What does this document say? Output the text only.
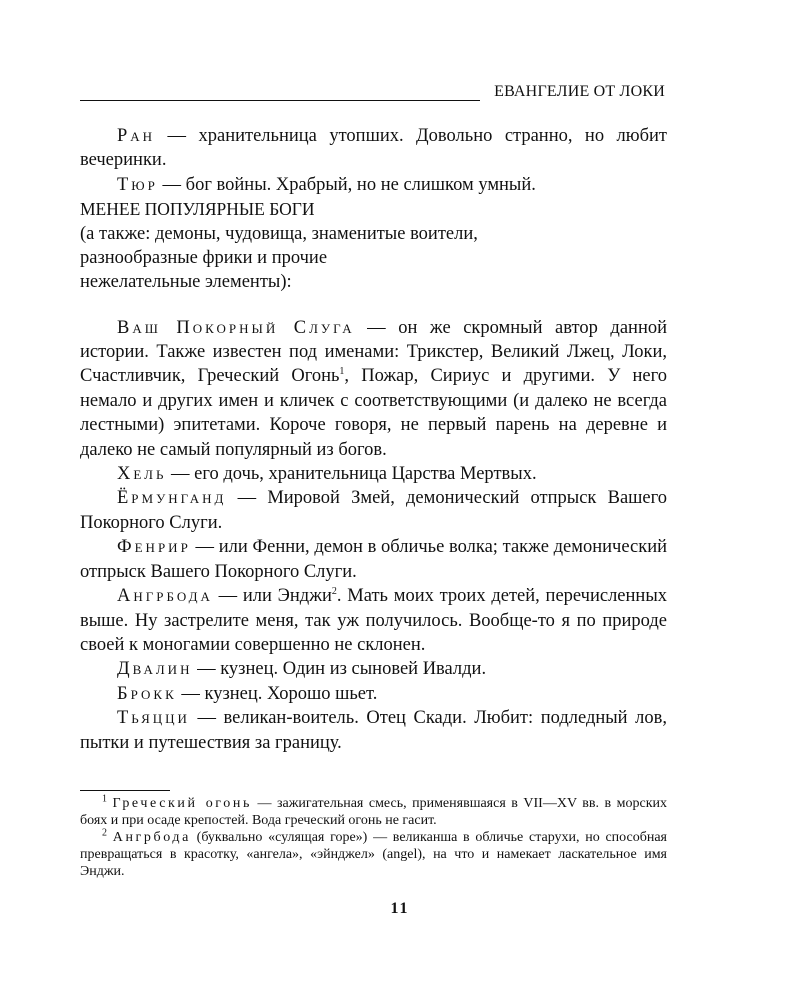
ЕВАНГЕЛИЕ ОТ ЛОКИ

Ран — хранительница утопших. Довольно странно, но любит вечеринки.

Тюр — бог войны. Храбрый, но не слишком умный.

МЕНЕЕ ПОПУЛЯРНЫЕ БОГИ

(а также: демоны, чудовища, знаменитые воители,
разнообразные фрики и прочие
нежелательные элементы):

Ваш Покорный Слуга — он же скромный автор данной истории. Также известен под именами: Трикстер, Великий Лжец, Локи, Счастливчик, Греческий Огонь$^1$, Пожар, Сириус и другими. У него немало и других имен и кличек с соответствующими (и далеко не всегда лестными) эпитетами. Короче говоря, не первый парень на деревне и далеко не самый популярный из богов.

Хель — его дочь, хранительница Царства Мертвых.

Ёрмунганд — Мировой Змей, демонический отпрыск Вашего Покорного Слуги.

Фенрир — или Фенни, демон в обличье волка; также демонический отпрыск Вашего Покорного Слуги.

Ангрбода — или Энджи$^2$. Мать моих троих детей, перечисленных выше. Ну застрелите меня, так уж получилось. Вообще-то я по природе своей к моногамии совершенно не склонен.

Двалин — кузнец. Один из сыновей Ивалди.

Брокк — кузнец. Хорошо шьет.

Тьяцци — великан-воитель. Отец Скади. Любит: подледный лов, пытки и путешествия за границу.

$^1$ Греческий огонь — зажигательная смесь, применявшаяся в VII—XV вв. в морских боях и при осаде крепостей. Вода греческий огонь не гасит.

$^2$ Ангрбода (буквально «сулящая горе») — великанша в обличье старухи, но способная превращаться в красотку, «ангела», «эйнджел» (angel), на что и намекает ласкательное имя Энджи.

11
